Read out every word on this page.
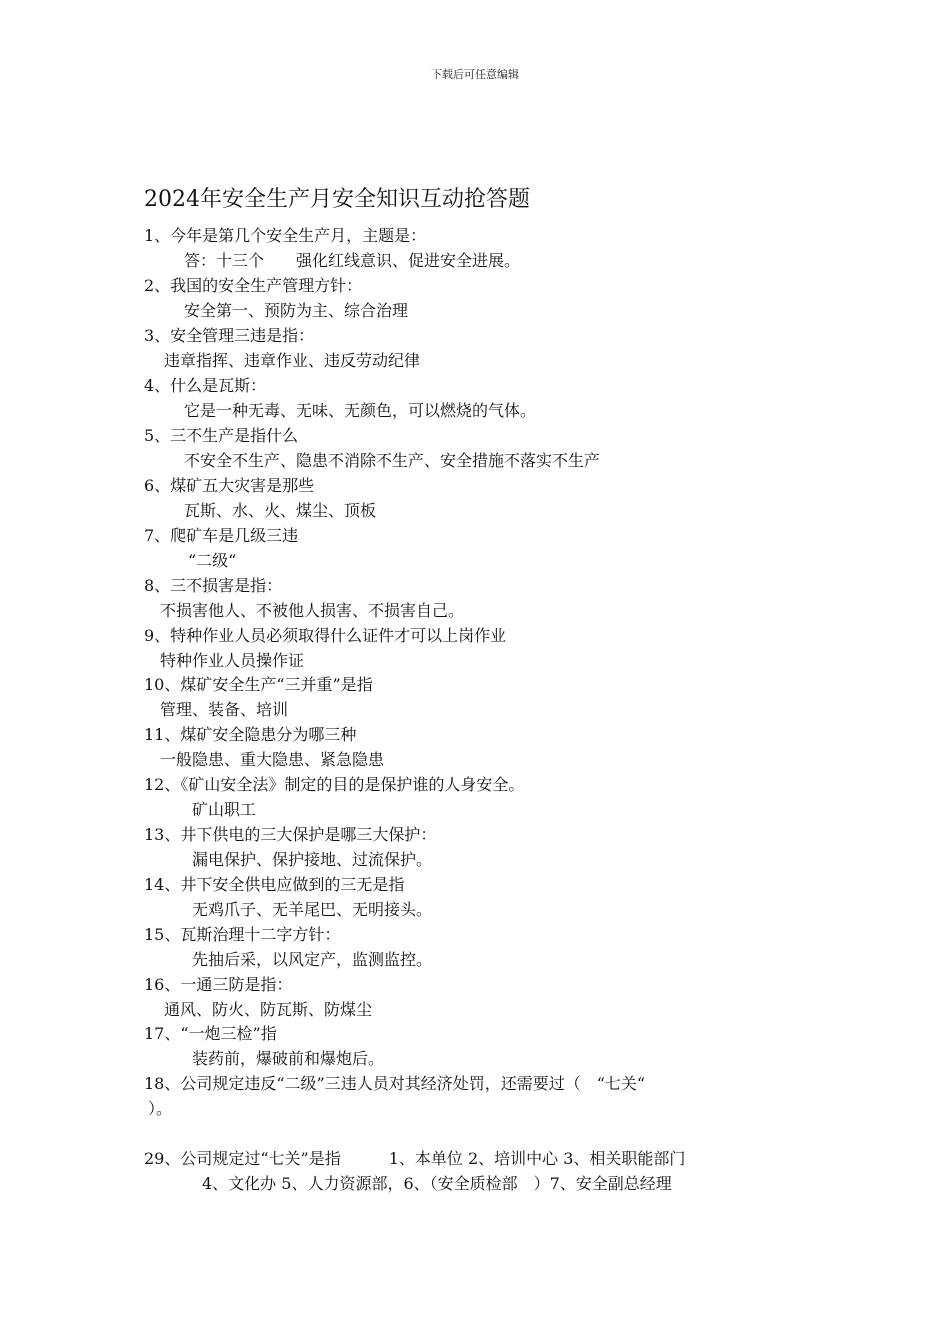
下载后可任意编辑
2024年安全生产月安全知识互动抢答题
1、今年是第几个安全生产月，主题是：
答：十三个　　强化红线意识、促进安全进展。
2、我国的安全生产管理方针：
安全第一、预防为主、综合治理
3、安全管理三违是指：
违章指挥、违章作业、违反劳动纪律
4、什么是瓦斯：
它是一种无毒、无味、无颜色，可以燃烧的气体。
5、三不生产是指什么
不安全不生产、隐患不消除不生产、安全措施不落实不生产
6、煤矿五大灾害是那些
瓦斯、水、火、煤尘、顶板
7、爬矿车是几级三违
“二级“
8、三不损害是指：
不损害他人、不被他人损害、不损害自己。
9、特种作业人员必须取得什么证件才可以上岗作业
特种作业人员操作证
10、煤矿安全生产“三并重”是指
管理、装备、培训
11、煤矿安全隐患分为哪三种
一般隐患、重大隐患、紧急隐患
12、《矿山安全法》制定的目的是保护谁的人身安全。
矿山职工
13、井下供电的三大保护是哪三大保护：
漏电保护、保护接地、过流保护。
14、井下安全供电应做到的三无是指
无鸡爪子、无羊尾巴、无明接头。
15、瓦斯治理十二字方针：
先抽后采，以风定产，监测监控。
16、一通三防是指：
通风、防火、防瓦斯、防煤尘
17、“一炮三检”指
装药前，爆破前和爆炮后。
18、公司规定违反“二级”三违人员对其经济处罚，还需要过（　“七关“
）。
29、公司规定过“七关”是指　　　1、本单位 2、培训中心 3、相关职能部门
4、文化办 5、人力资源部，6、（安全质检部　）7、安全副总经理
